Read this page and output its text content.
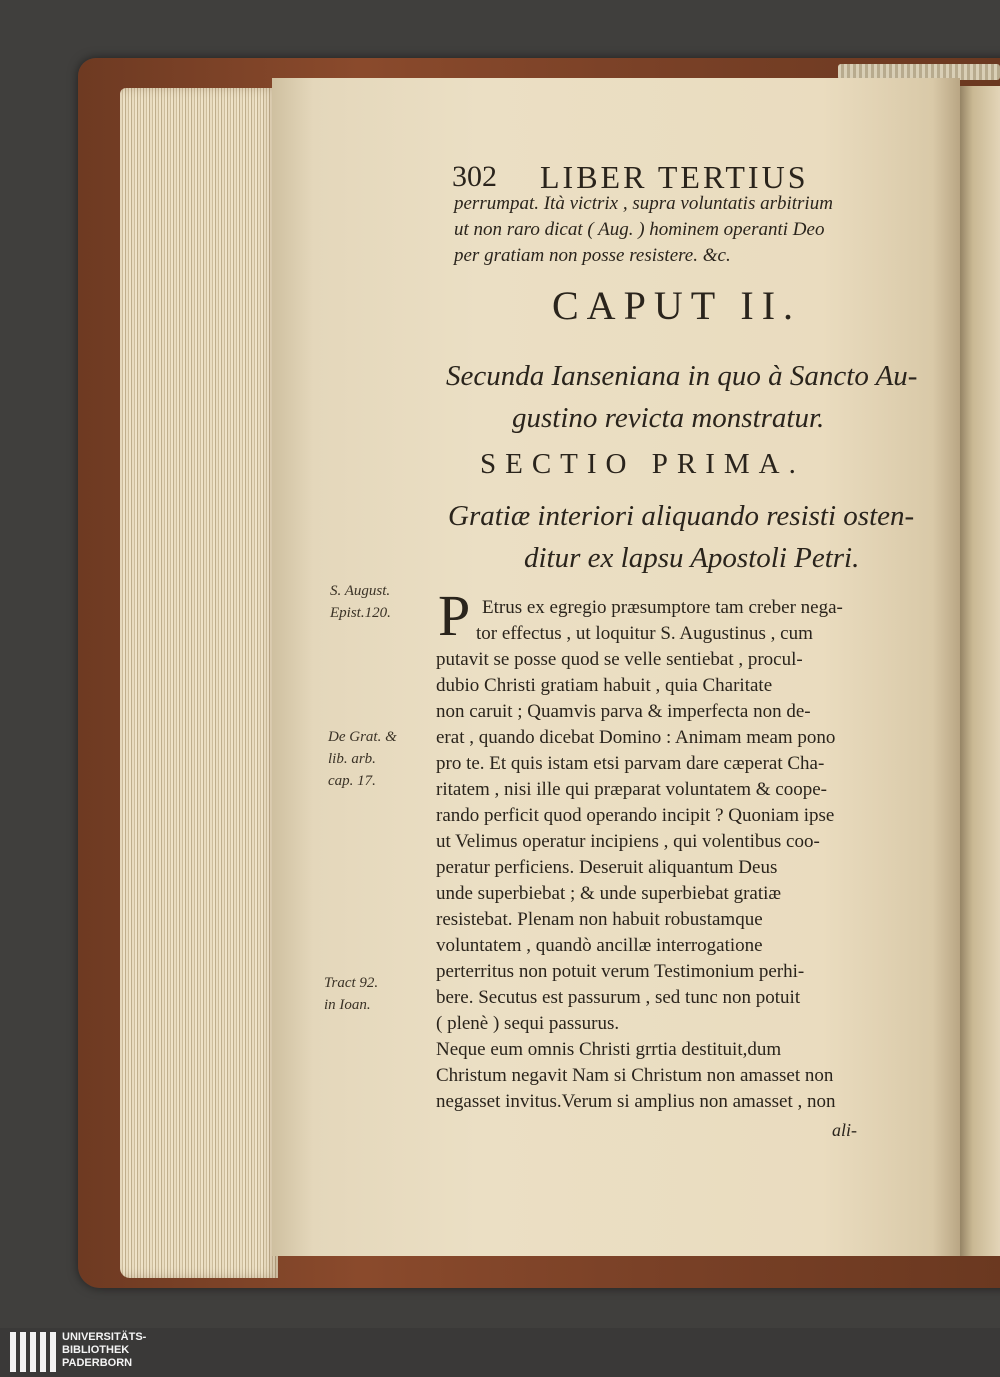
302 LIBER TERTIUS
perrumpat. Ità victrix , supra voluntatis arbitrium
ut non raro dicat ( Aug. ) hominem operanti Deo
per gratiam non posse resistere. &c.
CAPUT II.
Secunda Ianseniana in quo à Sancto Au-
gustino revicta monstratur.
SECTIO PRIMA.
Gratiæ interiori aliquando resisti osten-
ditur ex lapsu Apostoli Petri.
P Etrus ex egregio præsumptore tam creber nega-
tor effectus , ut loquitur S. Augustinus , cum
putavit se posse quod se velle sentiebat , procul-
dubio Christi gratiam habuit , quia Charitate
non caruit ; Quamvis parva & imperfecta non de-
erat , quando dicebat Domino : Animam meam pono
pro te. Et quis istam etsi parvam dare cæperat Cha-
ritatem , nisi ille qui præparat voluntatem & coope-
rando perficit quod operando incipit ? Quoniam ipse
ut Velimus operatur incipiens , qui volentibus coo-
peratur perficiens. Deseruit aliquantum Deus
unde superbiebat ; & unde superbiebat gratiæ
resistebat. Plenam non habuit robustamque
voluntatem , quandò ancillæ interrogatione
perterritus non potuit verum Testimonium perhi-
bere. Secutus est passurum , sed tunc non potuit
( plenè ) sequi passurus.
Neque eum omnis Christi grrtia destituit,dum
Christum negavit Nam si Christum non amasset non
negasset invitus.Verum si amplius non amasset , non
ali-
S. August.
Epist.120.
De Grat. &
lib. arb.
cap. 17.
Tract 92.
in Ioan.
UNIVERSITÄTS-
BIBLIOTHEK
PADERBORN
